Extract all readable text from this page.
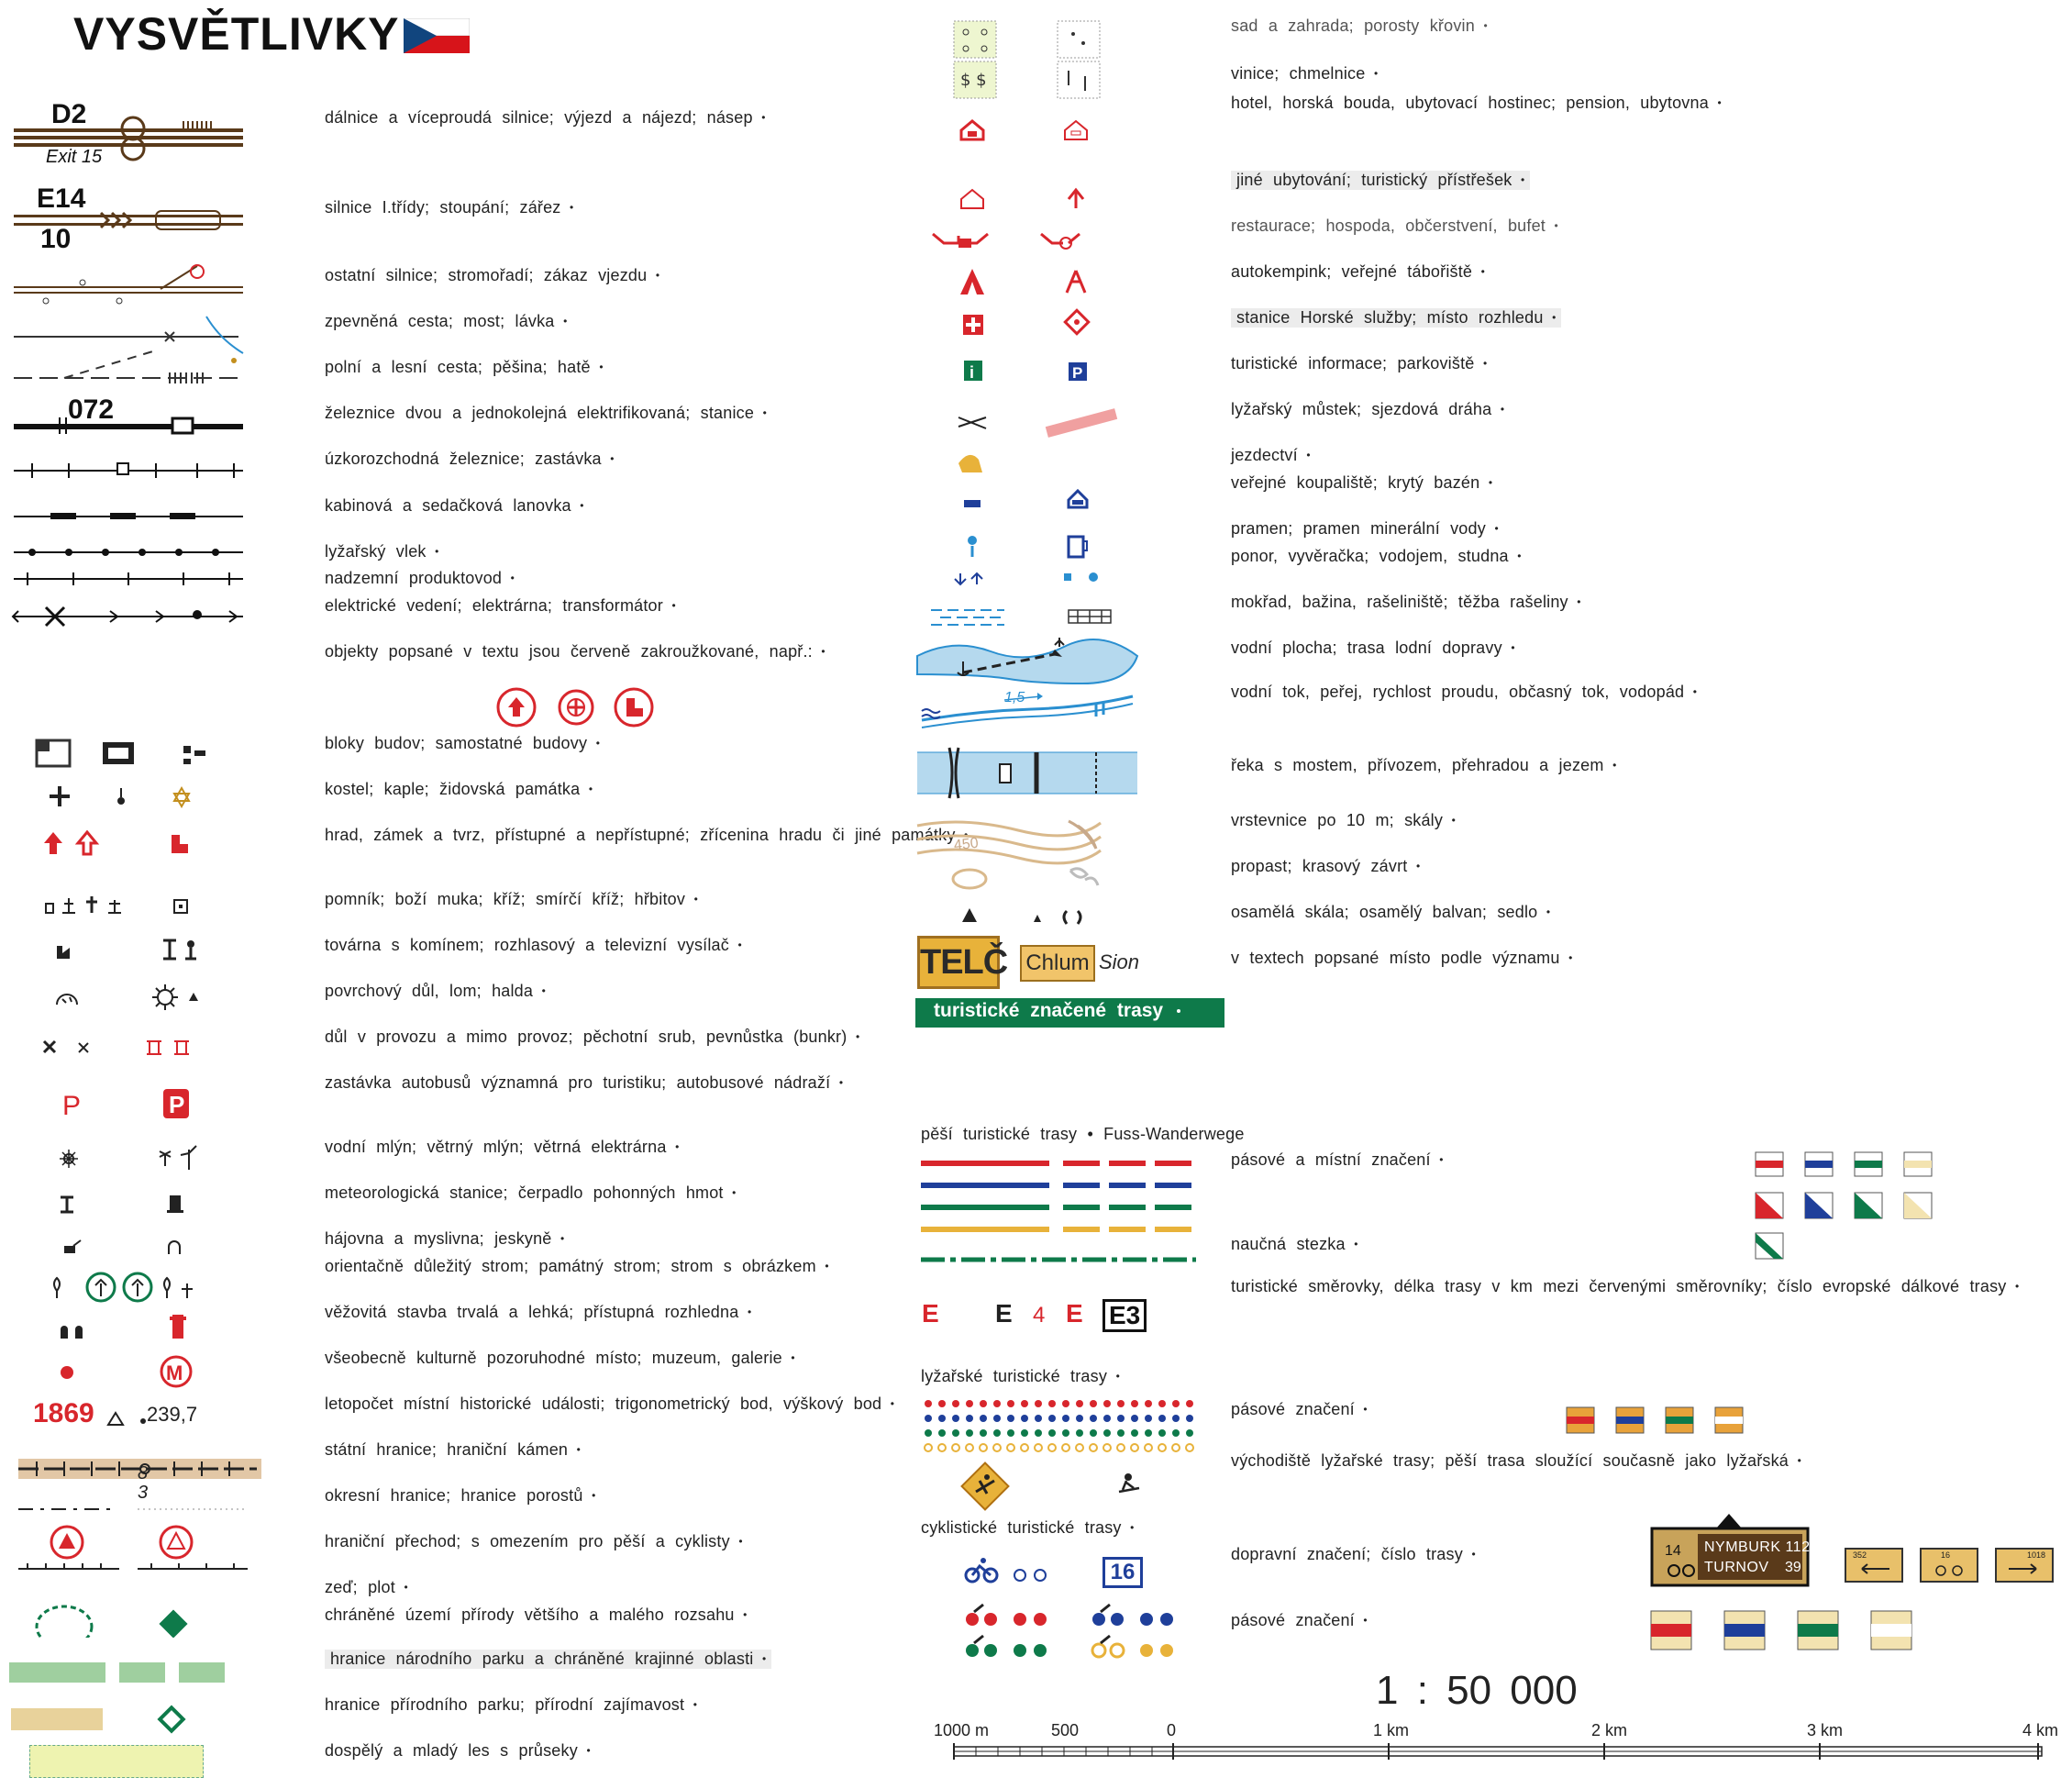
VYSVĚTLIVKY
D2
Exit 15
E14
10
072
dálnice a víceproudá silnice; výjezd a nájezd; násep •
silnice I.třídy; stoupání; zářez •
ostatní silnice; stromořadí; zákaz vjezdu •
zpevněná cesta; most; lávka •
polní a lesní cesta; pěšina; hatě •
železnice dvou a jednokolejná elektrifikovaná; stanice •
úzkorozchodná železnice; zastávka •
kabinová a sedačková lanovka •
lyžařský vlek •
nadzemní produktovod •
elektrické vedení; elektrárna; transformátor •
objekty popsané v textu jsou červeně zakroužkované, např.: •
bloky budov; samostatné budovy •
kostel; kaple; židovská památka •
hrad, zámek a tvrz, přístupné a nepřístupné; zřícenina hradu či jiné památky •
pomník; boží muka; kříž; smírčí kříž; hřbitov •
továrna s komínem; rozhlasový a televizní vysílač •
povrchový důl, lom; halda •
důl v provozu a mimo provoz; pěchotní srub, pevnůstka (bunkr) •
zastávka autobusů významná pro turistiku; autobusové nádraží •
vodní mlýn; větrný mlýn; větrná elektrárna •
meteorologická stanice; čerpadlo pohonných hmot •
hájovna a myslivna; jeskyně •
orientačně důležitý strom; památný strom; strom s obrázkem •
věžovitá stavba trvalá a lehká; přístupná rozhledna •
všeobecně kulturně pozoruhodné místo; muzeum, galerie •
letopočet místní historické události; trigonometrický bod, výškový bod •
státní hranice; hraniční kámen •
okresní hranice; hranice porostů •
hraniční přechod; s omezením pro pěší a cyklisty •
zeď; plot •
chráněné území přírody většího a malého rozsahu •
hranice národního parku a chráněné krajinné oblasti •
hranice přírodního parku; přírodní zajímavost •
dospělý a mladý les s průseky •
P	P
M
1869	239,7
8
3
$ $
i	P
1,5
450
TELČ Chlum Sion
turistické značené trasy
sad a zahrada; porosty křovin •
vinice; chmelnice •
hotel, horská bouda, ubytovací hostinec; pension, ubytovna •
jiné ubytování; turistický přístřešek •
restaurace; hospoda, občerstvení, bufet •
autokempink; veřejné tábořiště •
stanice Horské služby; místo rozhledu •
turistické informace; parkoviště •
lyžařský můstek; sjezdová dráha •
jezdectví •
veřejné koupaliště; krytý bazén •
pramen; pramen minerální vody •
ponor, vyvěračka; vodojem, studna •
mokřad, bažina, rašeliniště; těžba rašeliny •
vodní plocha; trasa lodní dopravy •
vodní tok, peřej, rychlost proudu, občasný tok, vodopád •
řeka s mostem, přívozem, přehradou a jezem •
vrstevnice po 10 m; skály •
propast; krasový závrt •
osamělá skála; osamělý balvan; sedlo •
v textech popsané místo podle významu •
pěší turistické trasy • Fuss-Wanderwege
E E 4 E E3
lyžařské turistické trasy •
cyklistické turistické trasy •
16
pásové a místní značení •
naučná stezka •
turistické směrovky, délka trasy v km mezi červenými směrovníky; číslo evropské dálkové trasy •
pásové značení •
východiště lyžařské trasy; pěší trasa sloužící současně jako lyžařská •
dopravní značení; číslo trasy •
pásové značení •
14 NYMBURK 112
TURNOV 39
352	16	1018
1 : 50 000
1000 m	500	0	1 km	2 km	3 km	4 km
